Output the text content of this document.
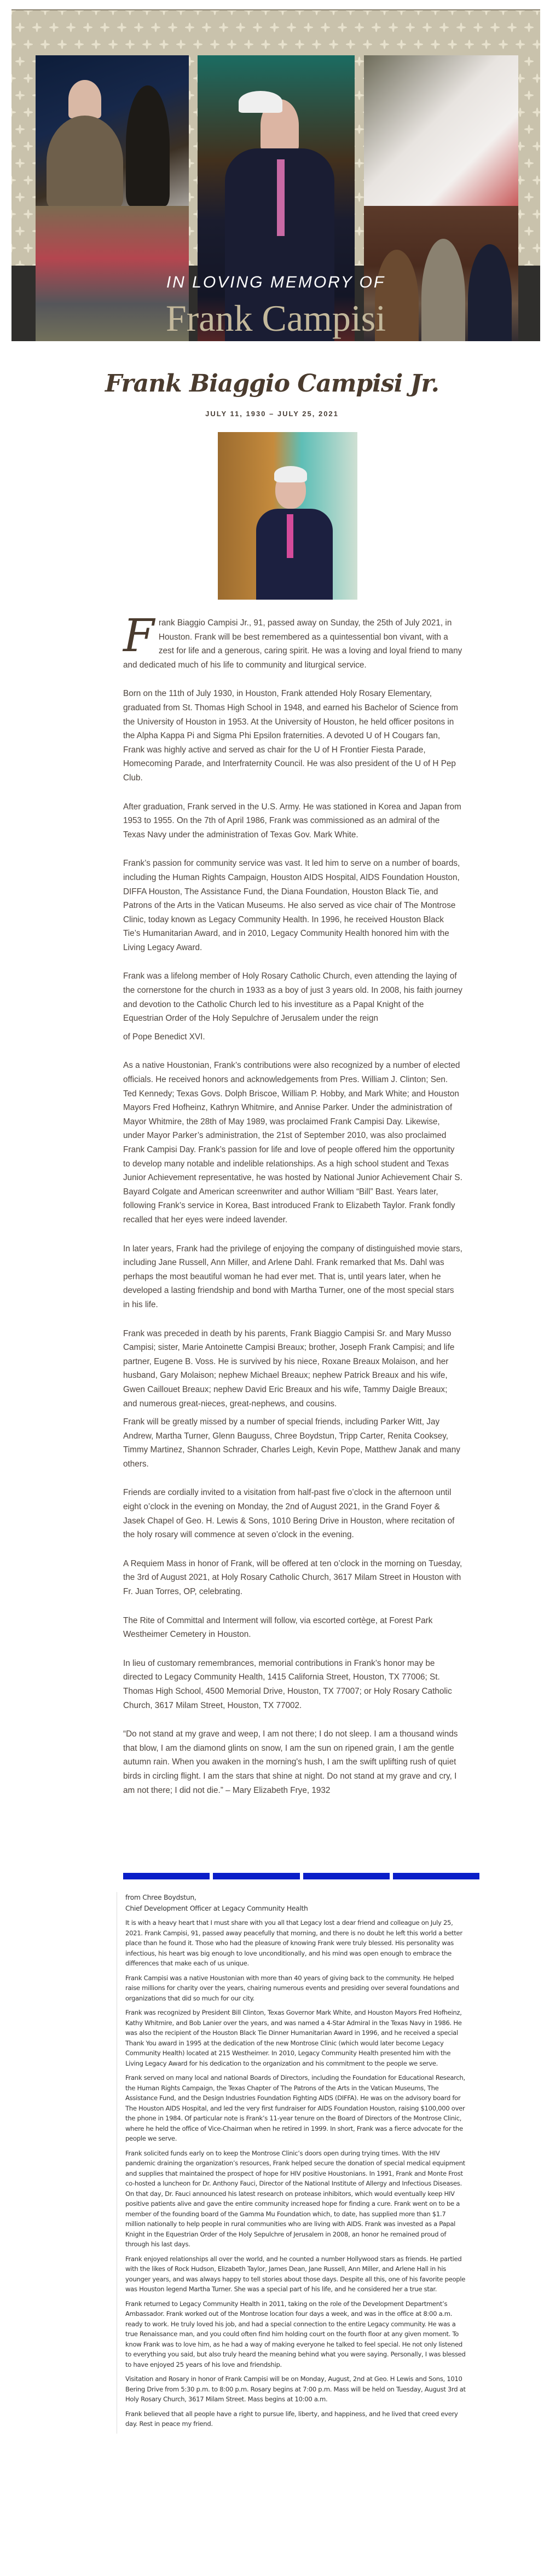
IN LOVING MEMORY OF
Frank Campisi
Frank Biaggio Campisi Jr.
JULY 11, 1930 – JULY 25, 2021

Frank Biaggio Campisi Jr., 91, passed away on Sunday, the 25th of July 2021, in Houston. Frank will be best remembered as a quintessential bon vivant, with a zest for life and a generous, caring spirit. He was a loving and loyal friend to many and dedicated much of his life to community and liturgical service.

Born on the 11th of July 1930, in Houston, Frank attended Holy Rosary Elementary, graduated from St. Thomas High School in 1948, and earned his Bachelor of Science from the University of Houston in 1953. At the University of Houston, he held officer positons in the Alpha Kappa Pi and Sigma Phi Epsilon fraternities. A devoted U of H Cougars fan, Frank was highly active and served as chair for the U of H Frontier Fiesta Parade, Homecoming Parade, and Interfraternity Council. He was also president of the U of H Pep Club.

After graduation, Frank served in the U.S. Army. He was stationed in Korea and Japan from 1953 to 1955. On the 7th of April 1986, Frank was commissioned as an admiral of the Texas Navy under the administration of Texas Gov. Mark White.

Frank’s passion for community service was vast. It led him to serve on a number of boards, including the Human Rights Campaign, Houston AIDS Hospital, AIDS Foundation Houston, DIFFA Houston, The Assistance Fund, the Diana Foundation, Houston Black Tie, and Patrons of the Arts in the Vatican Museums. He also served as vice chair of The Montrose Clinic, today known as Legacy Community Health. In 1996, he received Houston Black Tie’s Humanitarian Award, and in 2010, Legacy Community Health honored him with the Living Legacy Award.

Frank was a lifelong member of Holy Rosary Catholic Church, even attending the laying of the cornerstone for the church in 1933 as a boy of just 3 years old. In 2008, his faith journey and devotion to the Catholic Church led to his investiture as a Papal Knight of the Equestrian Order of the Holy Sepulchre of Jerusalem under the reign

of Pope Benedict XVI.

As a native Houstonian, Frank’s contributions were also recognized by a number of elected officials. He received honors and acknowledgements from Pres. William J. Clinton; Sen. Ted Kennedy; Texas Govs. Dolph Briscoe, William P. Hobby, and Mark White; and Houston Mayors Fred Hofheinz, Kathryn Whitmire, and Annise Parker. Under the administration of Mayor Whitmire, the 28th of May 1989, was proclaimed Frank Campisi Day. Likewise, under Mayor Parker’s administration, the 21st of September 2010, was also proclaimed Frank Campisi Day. Frank’s passion for life and love of people offered him the opportunity to develop many notable and indelible relationships. As a high school student and Texas Junior Achievement representative, he was hosted by National Junior Achievement Chair S. Bayard Colgate and American screenwriter and author William “Bill” Bast. Years later, following Frank’s service in Korea, Bast introduced Frank to Elizabeth Taylor. Frank fondly recalled that her eyes were indeed lavender.

In later years, Frank had the privilege of enjoying the company of distinguished movie stars, including Jane Russell, Ann Miller, and Arlene Dahl. Frank remarked that Ms. Dahl was perhaps the most beautiful woman he had ever met. That is, until years later, when he developed a lasting friendship and bond with Martha Turner, one of the most special stars in his life.

Frank was preceded in death by his parents, Frank Biaggio Campisi Sr. and Mary Musso Campisi; sister, Marie Antoinette Campisi Breaux; brother, Joseph Frank Campisi; and life partner, Eugene B. Voss. He is survived by his niece, Roxane Breaux Molaison, and her husband, Gary Molaison; nephew Michael Breaux; nephew Patrick Breaux and his wife, Gwen Caillouet Breaux; nephew David Eric Breaux and his wife, Tammy Daigle Breaux; and numerous great-nieces, great-nephews, and cousins.

Frank will be greatly missed by a number of special friends, including Parker Witt, Jay Andrew, Martha Turner, Glenn Bauguss, Chree Boydstun, Tripp Carter, Renita Cooksey, Timmy Martinez, Shannon Schrader, Charles Leigh, Kevin Pope, Matthew Janak and many others.

Friends are cordially invited to a visitation from half-past five o’clock in the afternoon until eight o’clock in the evening on Monday, the 2nd of August 2021, in the Grand Foyer & Jasek Chapel of Geo. H. Lewis & Sons, 1010 Bering Drive in Houston, where recitation of the holy rosary will commence at seven o’clock in the evening.

A Requiem Mass in honor of Frank, will be offered at ten o’clock in the morning on Tuesday, the 3rd of August 2021, at Holy Rosary Catholic Church, 3617 Milam Street in Houston with Fr. Juan Torres, OP, celebrating.

The Rite of Committal and Interment will follow, via escorted cortège, at Forest Park Westheimer Cemetery in Houston.

In lieu of customary remembrances, memorial contributions in Frank’s honor may be directed to Legacy Community Health, 1415 California Street, Houston, TX 77006; St. Thomas High School, 4500 Memorial Drive, Houston, TX 77007; or Holy Rosary Catholic Church, 3617 Milam Street, Houston, TX 77002.

“Do not stand at my grave and weep, I am not there; I do not sleep. I am a thousand winds that blow, I am the diamond glints on snow, I am the sun on ripened grain, I am the gentle autumn rain. When you awaken in the morning's hush, I am the swift uplifting rush of quiet birds in circling flight. I am the stars that shine at night. Do not stand at my grave and cry, I am not there; I did not die.” – Mary Elizabeth Frye, 1932

from Chree Boydstun,
Chief Development Officer at Legacy Community Health

It is with a heavy heart that I must share with you all that Legacy lost a dear friend and colleague on July 25, 2021. Frank Campisi, 91, passed away peacefully that morning, and there is no doubt he left this world a better place than he found it. Those who had the pleasure of knowing Frank were truly blessed. His personality was infectious, his heart was big enough to love unconditionally, and his mind was open enough to embrace the differences that make each of us unique.

Frank Campisi was a native Houstonian with more than 40 years of giving back to the community. He helped raise millions for charity over the years, chairing numerous events and presiding over several foundations and organizations that did so much for our city.

Frank was recognized by President Bill Clinton, Texas Governor Mark White, and Houston Mayors Fred Hofheinz, Kathy Whitmire, and Bob Lanier over the years, and was named a 4-Star Admiral in the Texas Navy in 1986. He was also the recipient of the Houston Black Tie Dinner Humanitarian Award in 1996, and he received a special Thank You award in 1995 at the dedication of the new Montrose Clinic (which would later become Legacy Community Health) located at 215 Westheimer. In 2010, Legacy Community Health presented him with the Living Legacy Award for his dedication to the organization and his commitment to the people we serve.

Frank served on many local and national Boards of Directors, including the Foundation for Educational Research, the Human Rights Campaign, the Texas Chapter of The Patrons of the Arts in the Vatican Museums, The Assistance Fund, and the Design Industries Foundation Fighting AIDS (DIFFA). He was on the advisory board for The Houston AIDS Hospital, and led the very first fundraiser for AIDS Foundation Houston, raising $100,000 over the phone in 1984. Of particular note is Frank’s 11-year tenure on the Board of Directors of the Montrose Clinic, where he held the office of Vice-Chairman when he retired in 1999. In short, Frank was a fierce advocate for the people we serve.

Frank solicited funds early on to keep the Montrose Clinic’s doors open during trying times. With the HIV pandemic draining the organization’s resources, Frank helped secure the donation of special medical equipment and supplies that maintained the prospect of hope for HIV positive Houstonians. In 1991, Frank and Monte Frost co-hosted a luncheon for Dr. Anthony Fauci, Director of the National Institute of Allergy and Infectious Diseases. On that day, Dr. Fauci announced his latest research on protease inhibitors, which would eventually keep HIV positive patients alive and gave the entire community increased hope for finding a cure. Frank went on to be a member of the founding board of the Gamma Mu Foundation which, to date, has supplied more than $1.7 million nationally to help people in rural communities who are living with AIDS. Frank was invested as a Papal Knight in the Equestrian Order of the Holy Sepulchre of Jerusalem in 2008, an honor he remained proud of through his last days.

Frank enjoyed relationships all over the world, and he counted a number Hollywood stars as friends. He partied with the likes of Rock Hudson, Elizabeth Taylor, James Dean, Jane Russell, Ann Miller, and Arlene Hall in his younger years, and was always happy to tell stories about those days. Despite all this, one of his favorite people was Houston legend Martha Turner. She was a special part of his life, and he considered her a true star.

Frank returned to Legacy Community Health in 2011, taking on the role of the Development Department’s Ambassador. Frank worked out of the Montrose location four days a week, and was in the office at 8:00 a.m. ready to work. He truly loved his job, and had a special connection to the entire Legacy community. He was a true Renaissance man, and you could often find him holding court on the fourth floor at any given moment. To know Frank was to love him, as he had a way of making everyone he talked to feel special. He not only listened to everything you said, but also truly heard the meaning behind what you were saying. Personally, I was blessed to have enjoyed 25 years of his love and friendship.

Visitation and Rosary in honor of Frank Campisi will be on Monday, August, 2nd at Geo. H Lewis and Sons, 1010 Bering Drive from 5:30 p.m. to 8:00 p.m. Rosary begins at 7:00 p.m. Mass will be held on Tuesday, August 3rd at Holy Rosary Church, 3617 Milam Street. Mass begins at 10:00 a.m.

Frank believed that all people have a right to pursue life, liberty, and happiness, and he lived that creed every day. Rest in peace my friend.
